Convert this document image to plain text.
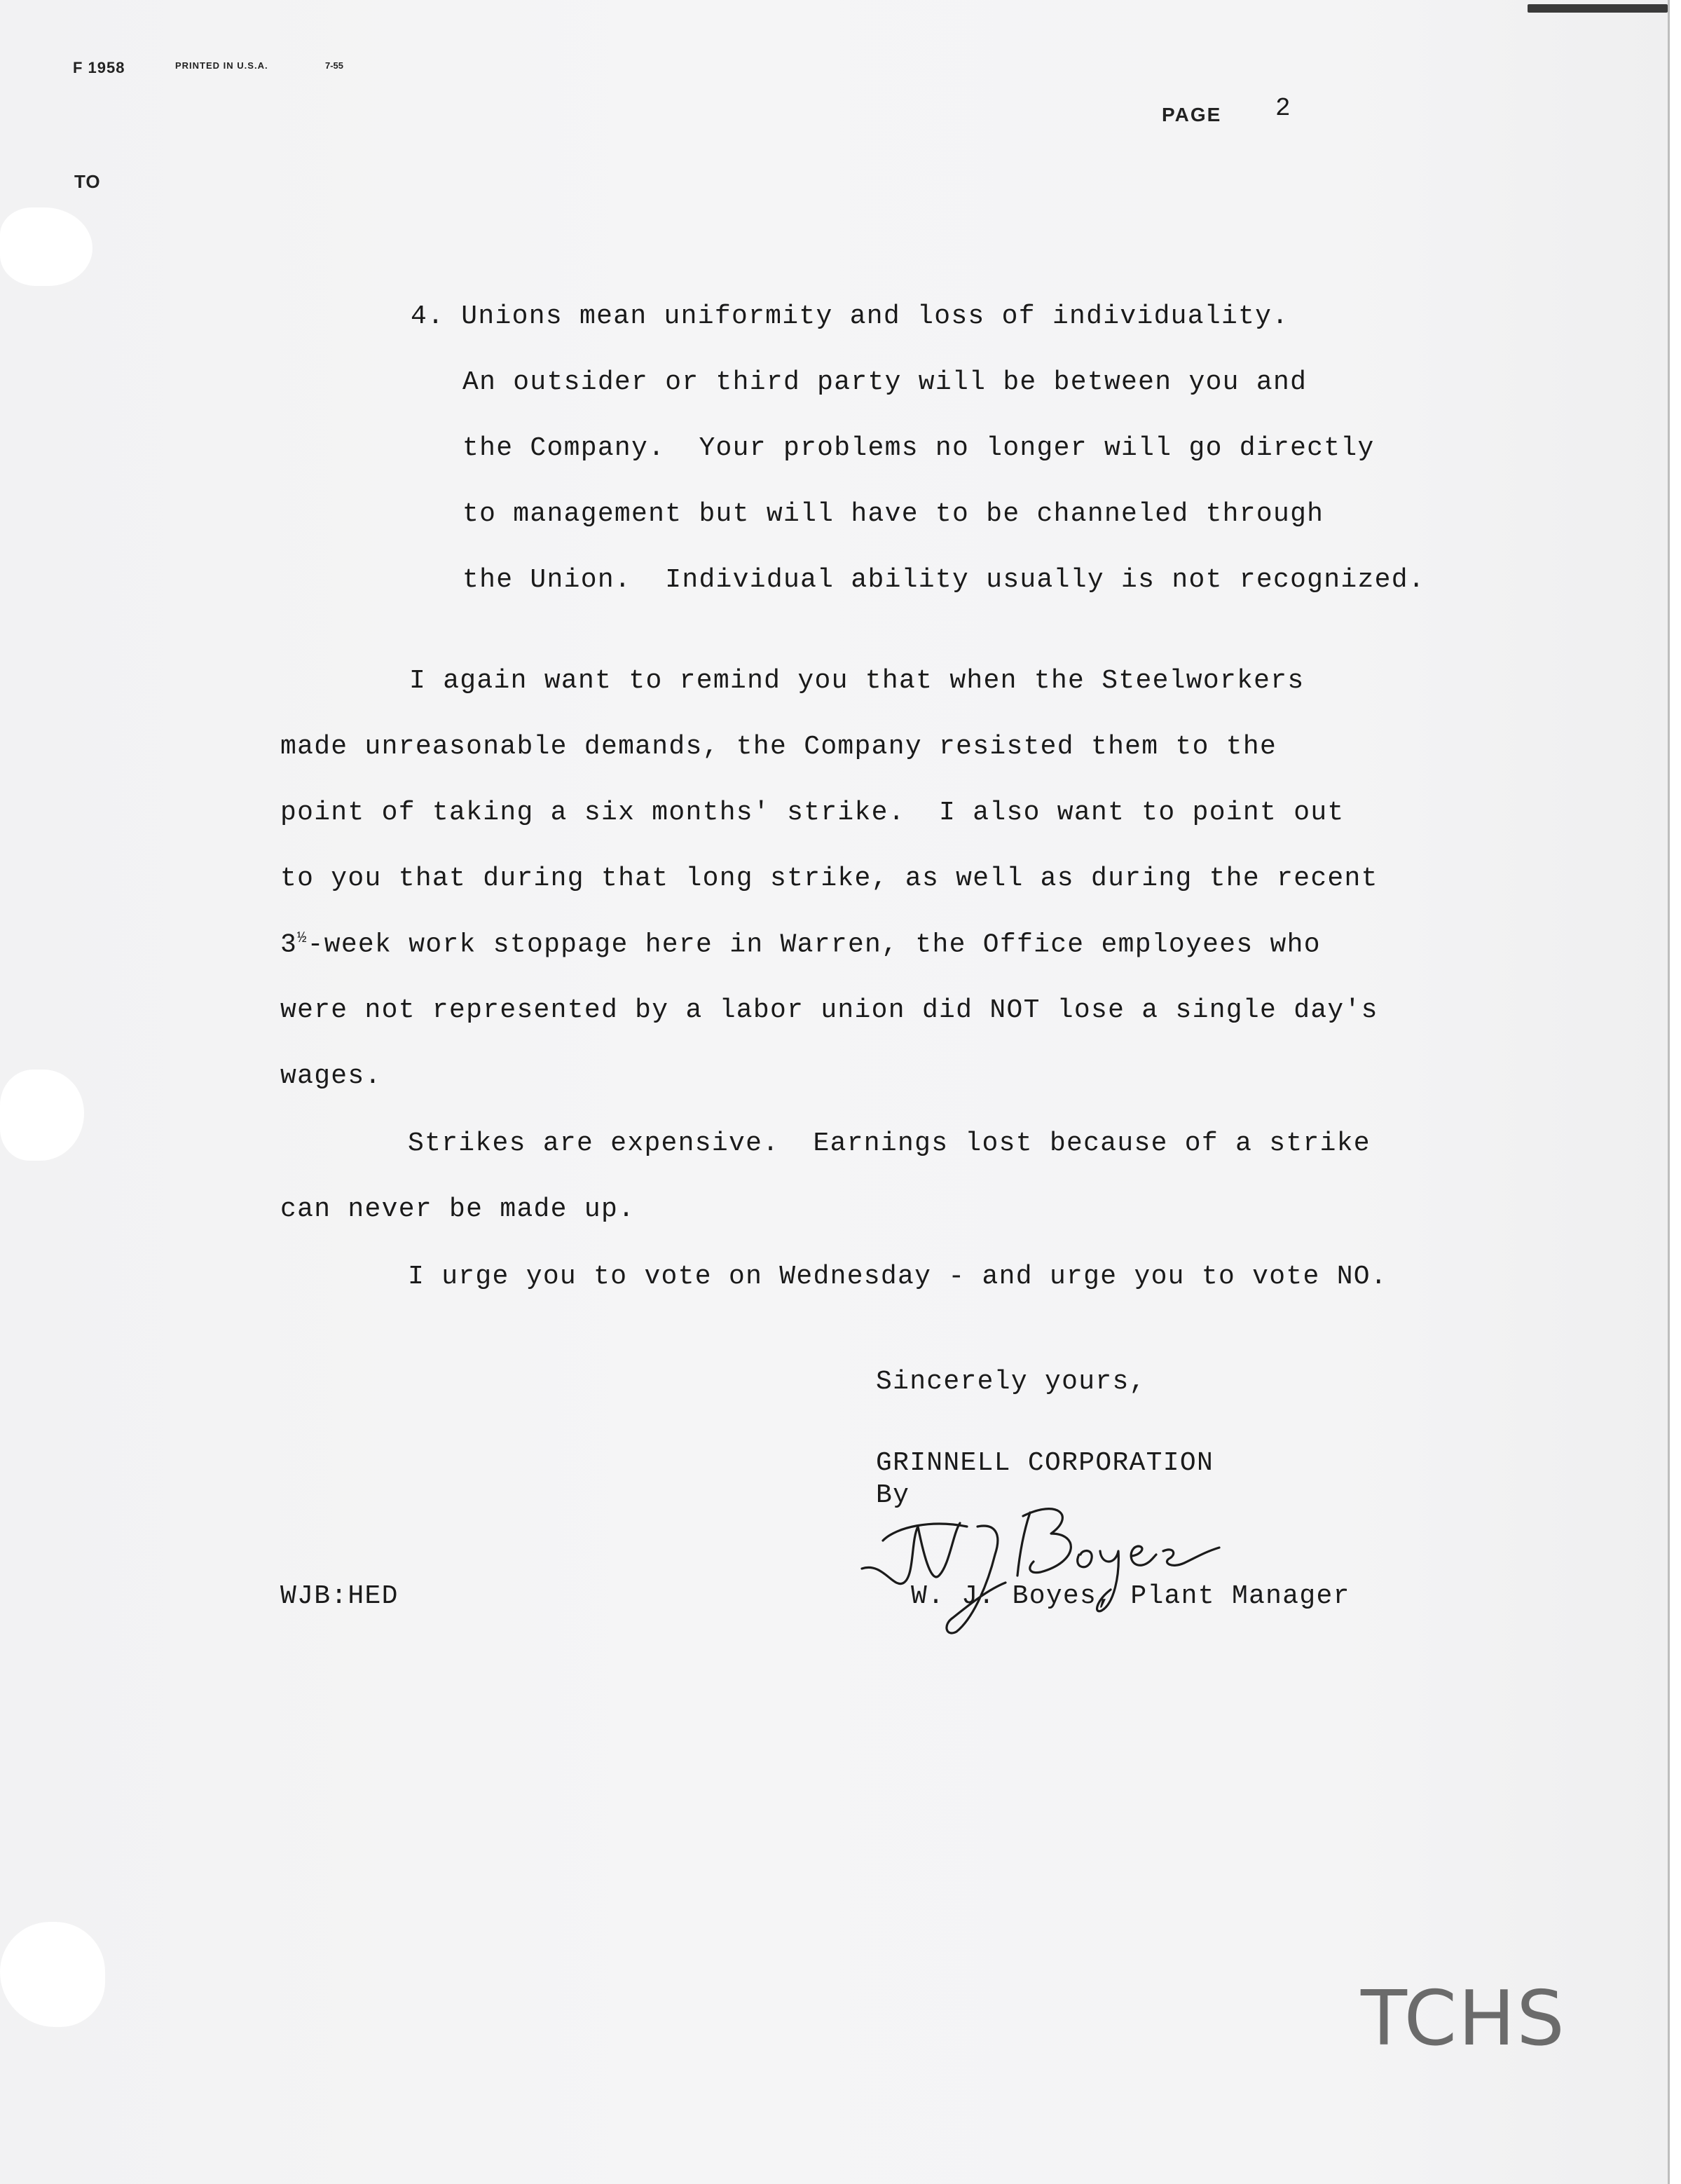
F 1958	PRINTED IN U.S.A.	7-55
PAGE 2
TO
4. Unions mean uniformity and loss of individuality.
An outsider or third party will be between you and
the Company.  Your problems no longer will go directly
to management but will have to be channeled through
the Union.  Individual ability usually is not recognized.
I again want to remind you that when the Steelworkers
made unreasonable demands, the Company resisted them to the
point of taking a six months' strike.  I also want to point out
to you that during that long strike, as well as during the recent
$3^{\frac{1}{2}}$-week work stoppage here in Warren, the Office employees who
were not represented by a labor union did NOT lose a single day's
wages.
Strikes are expensive.  Earnings lost because of a strike
can never be made up.
I urge you to vote on Wednesday - and urge you to vote NO.
Sincerely yours,
GRINNELL CORPORATION
By
W. J. Boyes, Plant Manager
WJB:HED
TCHS
